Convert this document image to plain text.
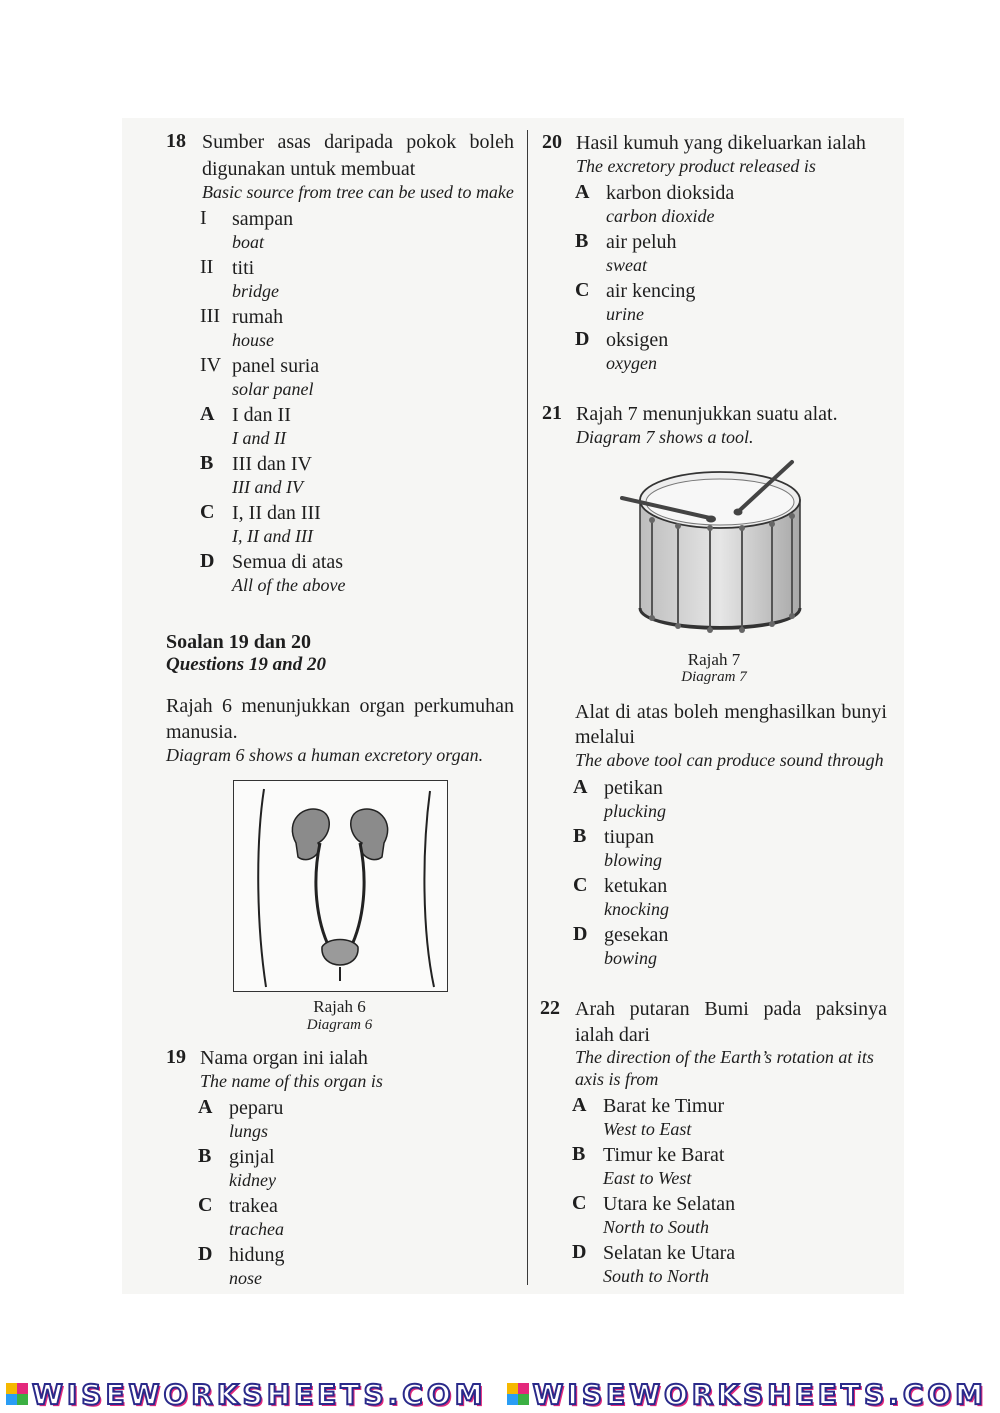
18 Sumber asas daripada pokok boleh
digunakan untuk membuat
Basic source from tree can be used to make
I sampan
boat
II titi
bridge
III rumah
house
IV panel suria
solar panel
A I dan II
I and II
B III dan IV
III and IV
C I, II dan III
I, II and III
D Semua di atas
All of the above
Soalan 19 dan 20
Questions 19 and 20
Rajah 6 menunjukkan organ perkumuhan
manusia.
Diagram 6 shows a human excretory organ.
Rajah 6
Diagram 6
19 Nama organ ini ialah
The name of this organ is
A peparu
lungs
B ginjal
kidney
C trakea
trachea
D hidung
nose
20 Hasil kumuh yang dikeluarkan ialah
The excretory product released is
A karbon dioksida
carbon dioxide
B air peluh
sweat
C air kencing
urine
D oksigen
oxygen
21 Rajah 7 menunjukkan suatu alat.
Diagram 7 shows a tool.
Rajah 7
Diagram 7
Alat di atas boleh menghasilkan bunyi
melalui
The above tool can produce sound through
A petikan
plucking
B tiupan
blowing
C ketukan
knocking
D gesekan
bowing
22 Arah putaran Bumi pada paksinya
ialah dari
The direction of the Earth’s rotation at its
axis is from
A Barat ke Timur
West to East
B Timur ke Barat
East to West
C Utara ke Selatan
North to South
D Selatan ke Utara
South to North
WISEWORKSHEETS.COM WISEWORKSHEETS.COM
